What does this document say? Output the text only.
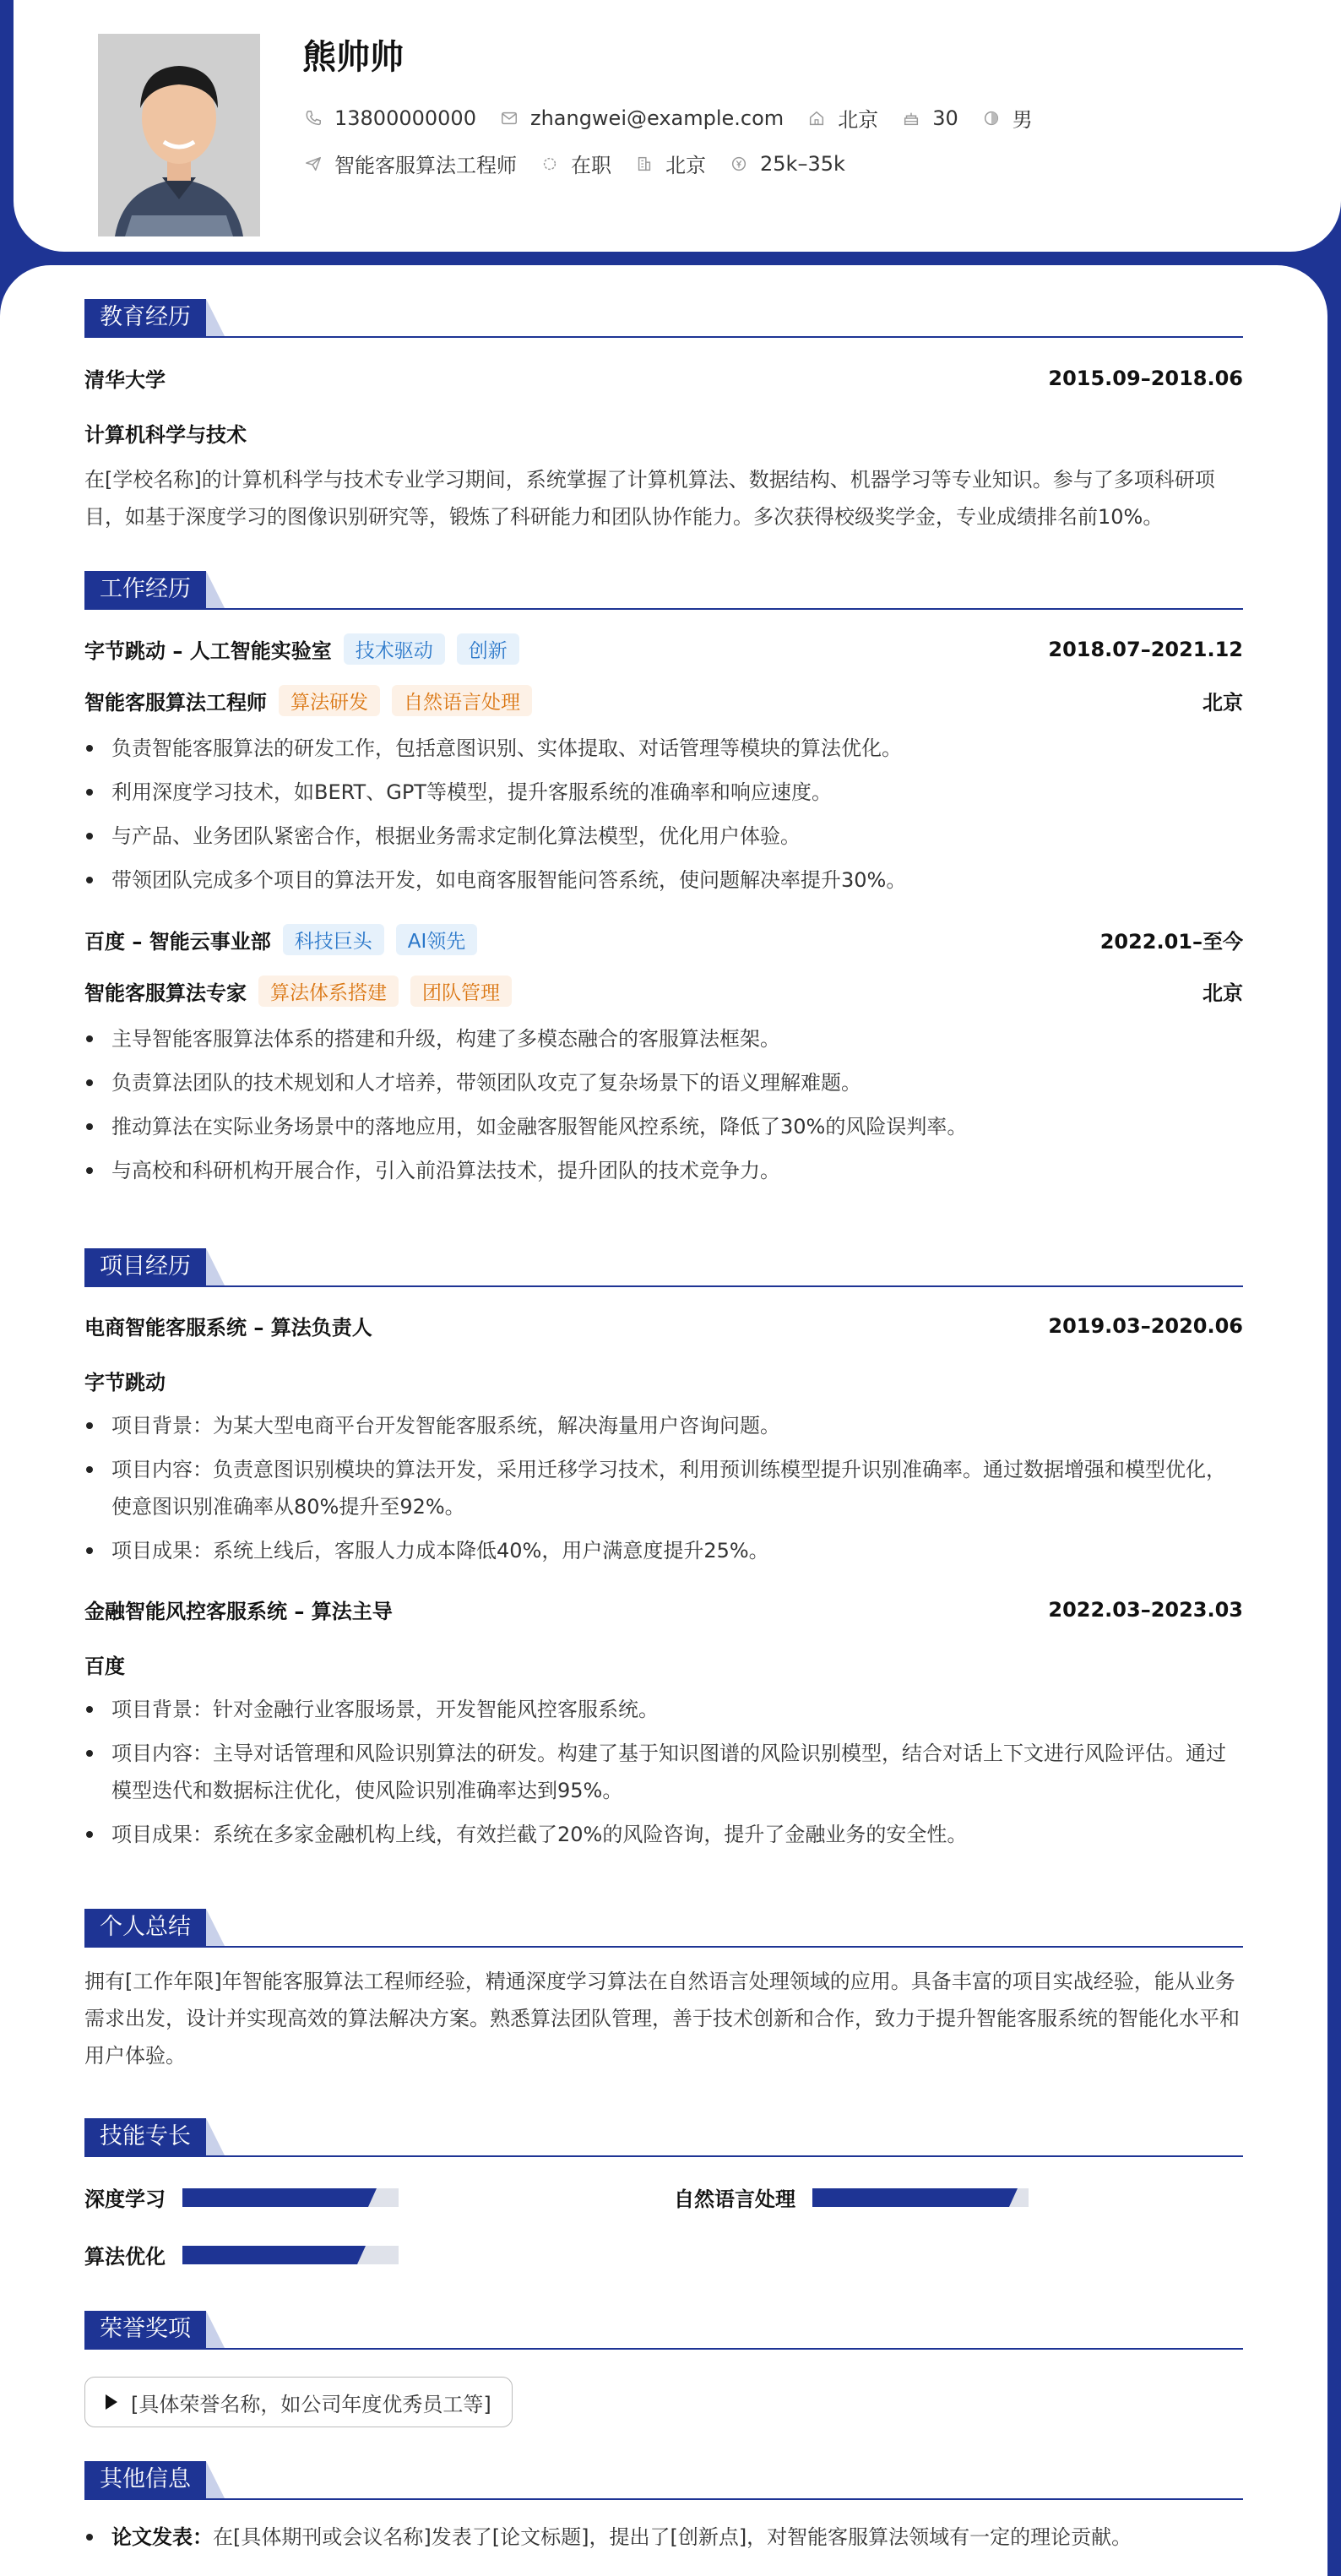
熊帅帅
13800000000	zhangwei@example.com	北京	30	男
智能客服算法工程师	在职	北京	25k–35k
教育经历
清华大学	2015.09–2018.06
计算机科学与技术
在[学校名称]的计算机科学与技术专业学习期间，系统掌握了计算机算法、数据结构、机器学习等专业知识。参与了多项科研项目，如基于深度学习的图像识别研究等，锻炼了科研能力和团队协作能力。多次获得校级奖学金，专业成绩排名前10%。
工作经历
字节跳动 – 人工智能实验室	技术驱动	创新	2018.07–2021.12
智能客服算法工程师	算法研发	自然语言处理	北京
负责智能客服算法的研发工作，包括意图识别、实体提取、对话管理等模块的算法优化。
利用深度学习技术，如BERT、GPT等模型，提升客服系统的准确率和响应速度。
与产品、业务团队紧密合作，根据业务需求定制化算法模型，优化用户体验。
带领团队完成多个项目的算法开发，如电商客服智能问答系统，使问题解决率提升30%。
百度 – 智能云事业部	科技巨头	AI领先	2022.01–至今
智能客服算法专家	算法体系搭建	团队管理	北京
主导智能客服算法体系的搭建和升级，构建了多模态融合的客服算法框架。
负责算法团队的技术规划和人才培养，带领团队攻克了复杂场景下的语义理解难题。
推动算法在实际业务场景中的落地应用，如金融客服智能风控系统，降低了30%的风险误判率。
与高校和科研机构开展合作，引入前沿算法技术，提升团队的技术竞争力。
项目经历
电商智能客服系统 – 算法负责人	2019.03–2020.06
字节跳动
项目背景：为某大型电商平台开发智能客服系统，解决海量用户咨询问题。
项目内容：负责意图识别模块的算法开发，采用迁移学习技术，利用预训练模型提升识别准确率。通过数据增强和模型优化，使意图识别准确率从80%提升至92%。
项目成果：系统上线后，客服人力成本降低40%，用户满意度提升25%。
金融智能风控客服系统 – 算法主导	2022.03–2023.03
百度
项目背景：针对金融行业客服场景，开发智能风控客服系统。
项目内容：主导对话管理和风险识别算法的研发。构建了基于知识图谱的风险识别模型，结合对话上下文进行风险评估。通过模型迭代和数据标注优化，使风险识别准确率达到95%。
项目成果：系统在多家金融机构上线，有效拦截了20%的风险咨询，提升了金融业务的安全性。
个人总结
拥有[工作年限]年智能客服算法工程师经验，精通深度学习算法在自然语言处理领域的应用。具备丰富的项目实战经验，能从业务需求出发，设计并实现高效的算法解决方案。熟悉算法团队管理，善于技术创新和合作，致力于提升智能客服系统的智能化水平和用户体验。
技能专长
深度学习	自然语言处理
算法优化
荣誉奖项
[具体荣誉名称，如公司年度优秀员工等]
其他信息
论文发表：在[具体期刊或会议名称]发表了[论文标题]，提出了[创新点]，对智能客服算法领域有一定的理论贡献。
